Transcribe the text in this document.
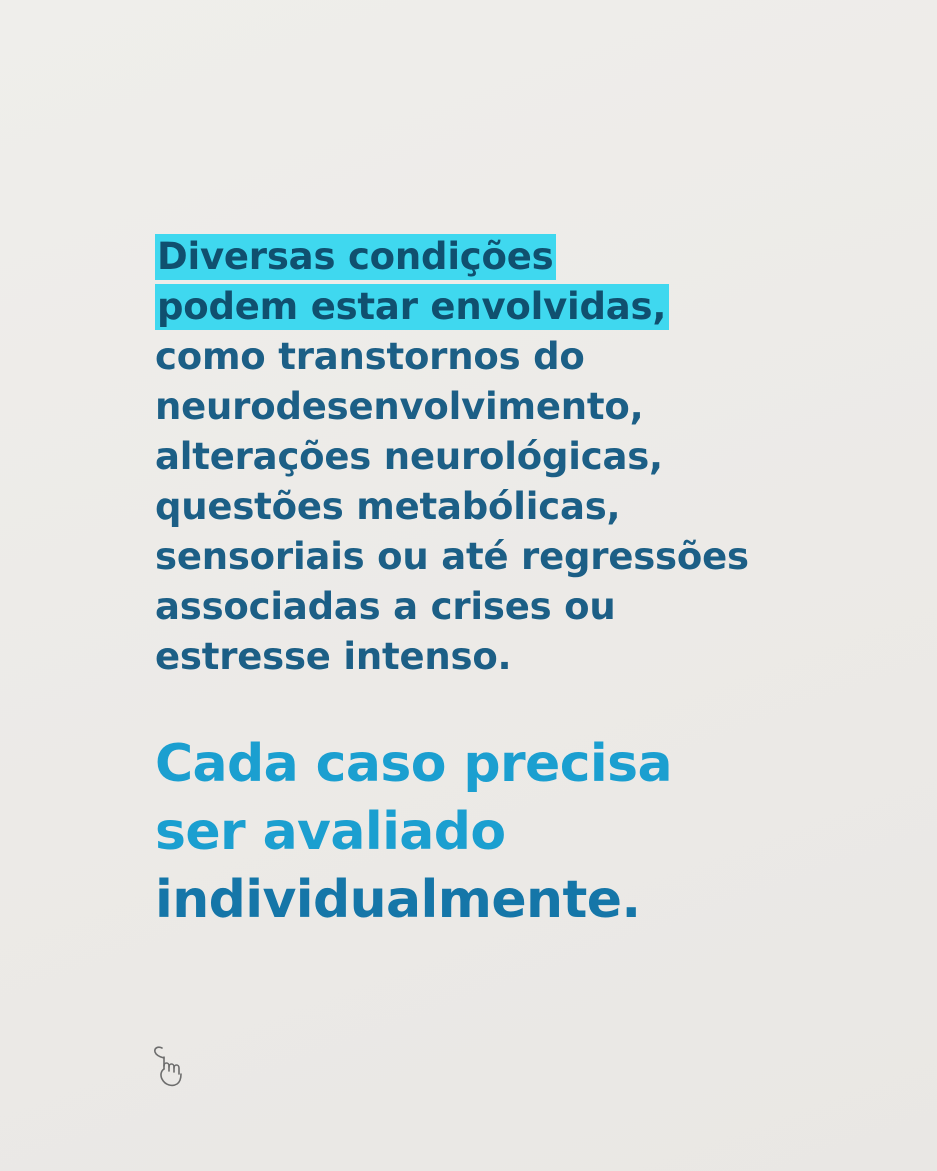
Diversas condições
podem estar envolvidas,
como transtornos do
neurodesenvolvimento,
alterações neurológicas,
questões metabólicas,
sensoriais ou até regressões
associadas a crises ou
estresse intenso.

Cada caso precisa
ser avaliado
individualmente.
